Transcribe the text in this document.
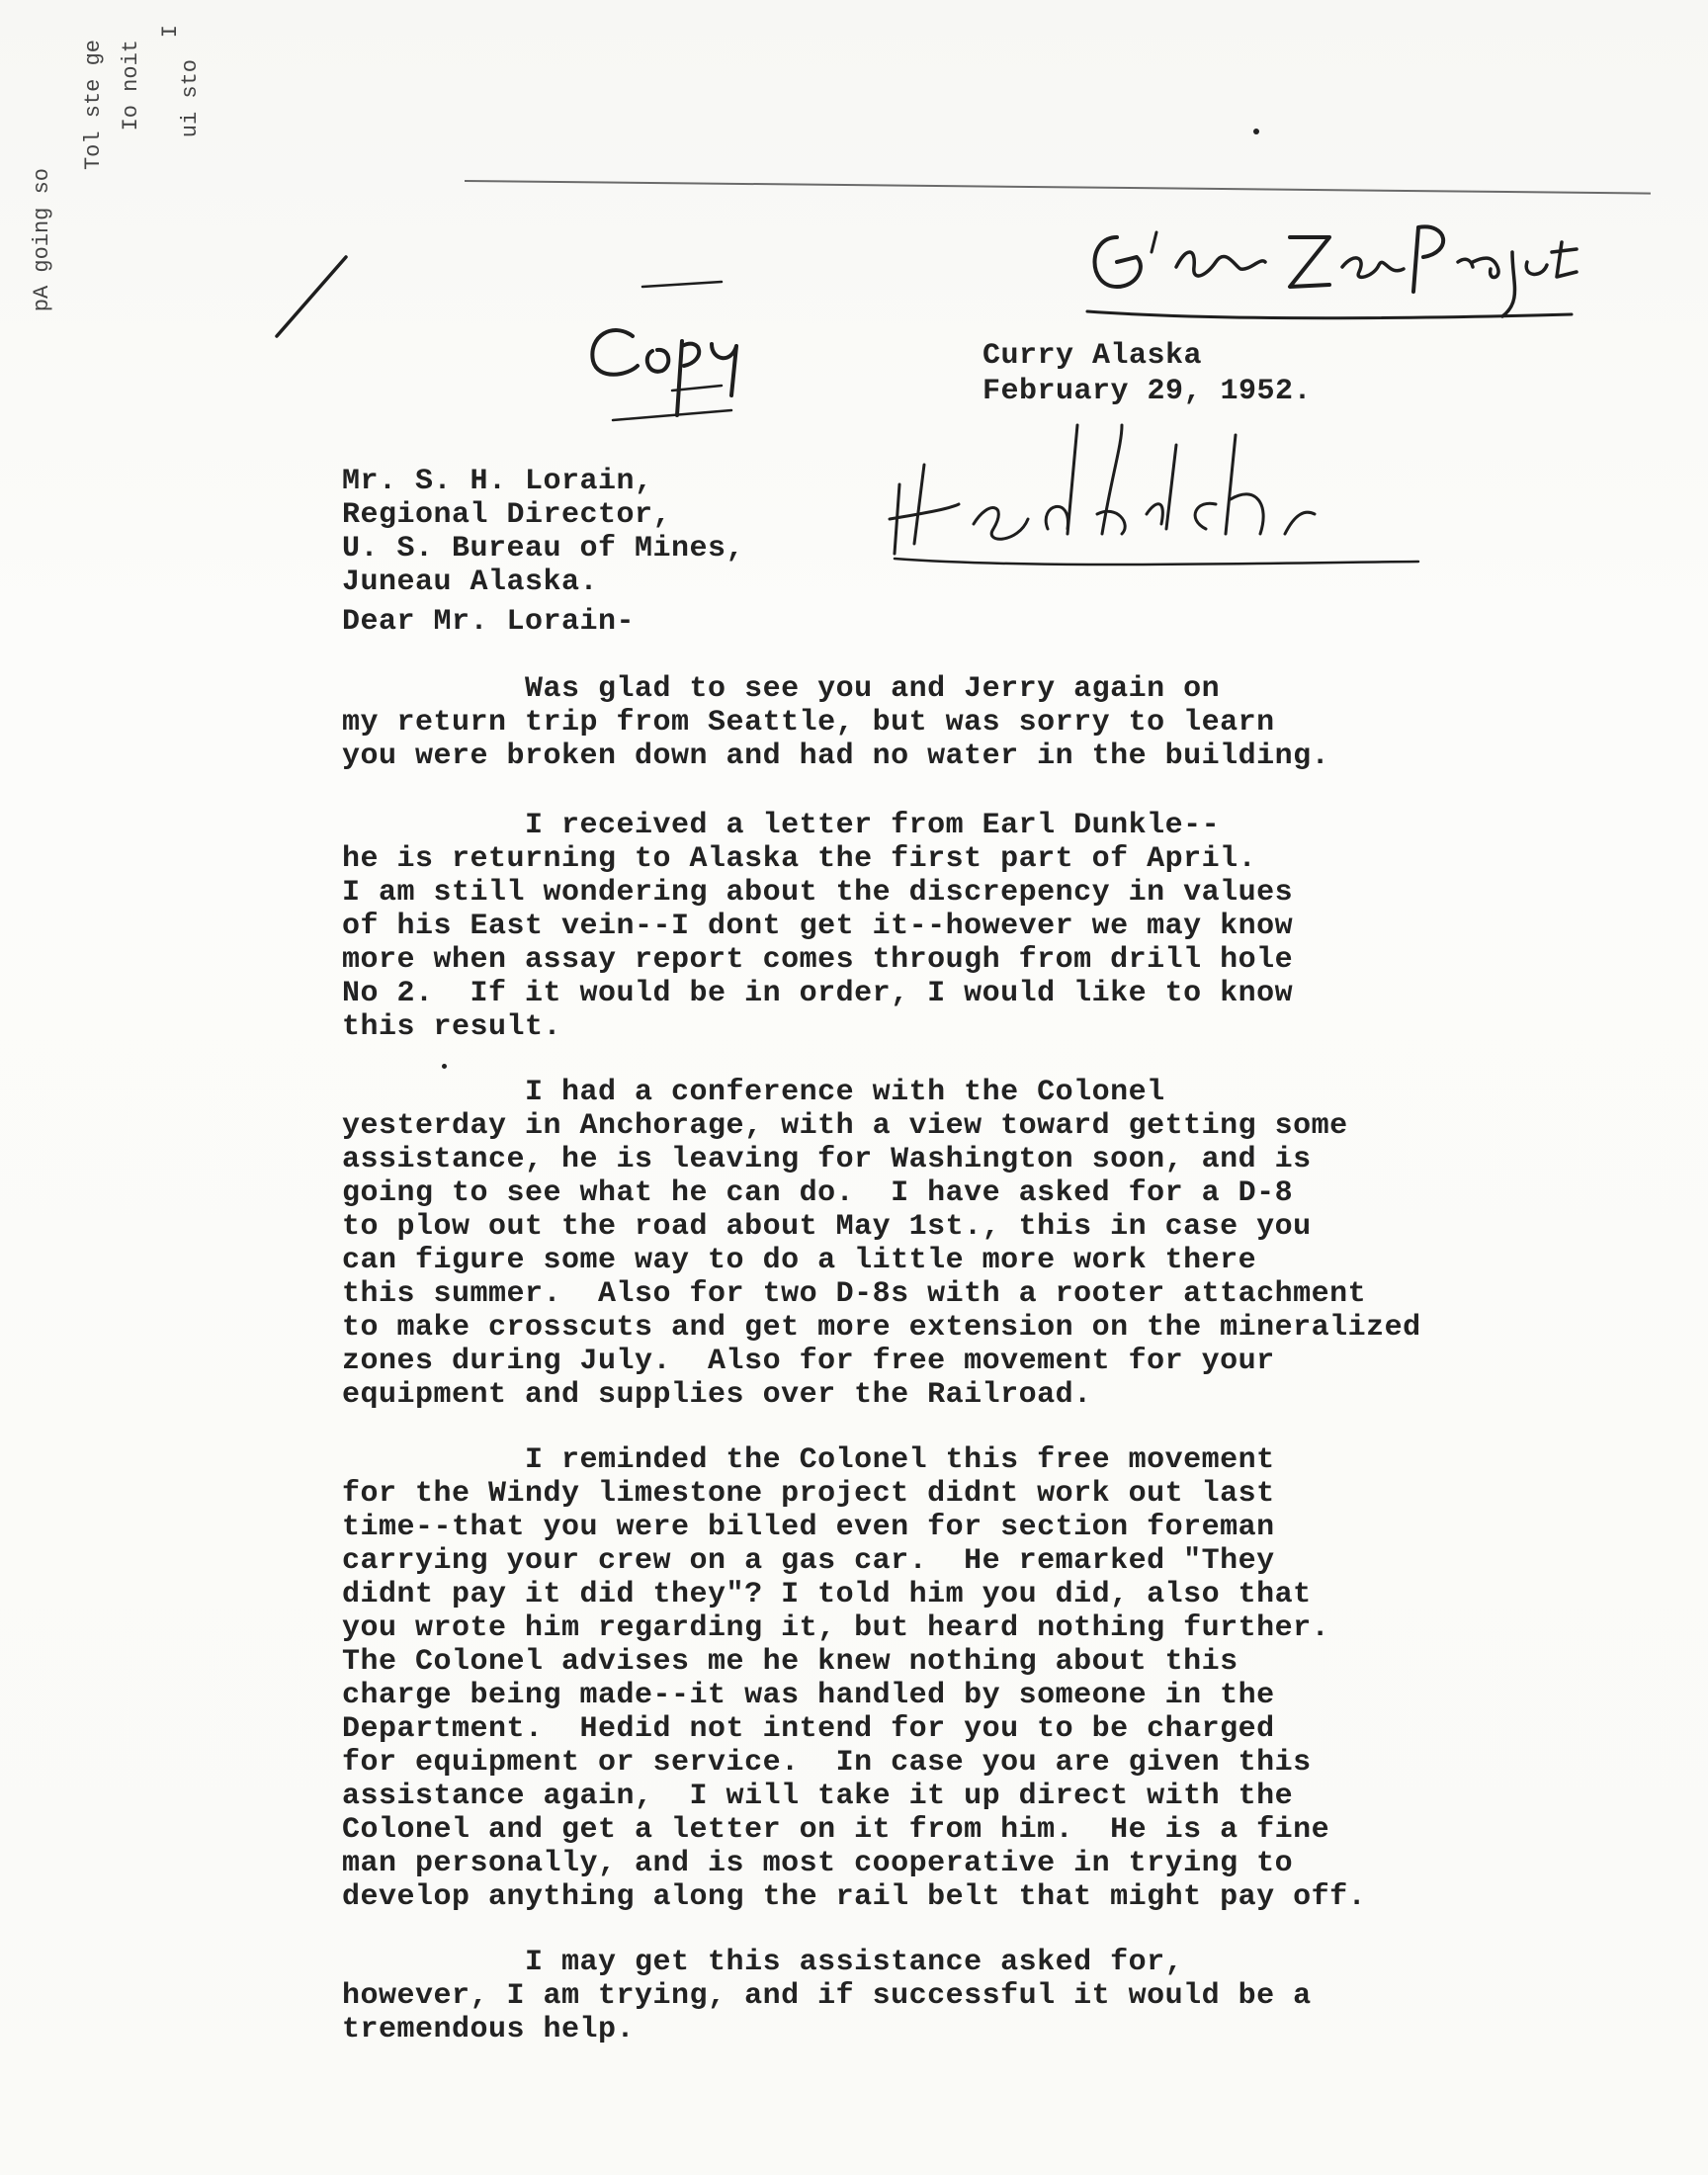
pA going so
Tol ste ge Io noit
I
ui sto
Curry Alaska
February 29, 1952.
Mr. S. H. Lorain,
Regional Director,
U. S. Bureau of Mines,
Juneau Alaska.
Dear Mr. Lorain-
Was glad to see you and Jerry again on
my return trip from Seattle, but was sorry to learn
you were broken down and had no water in the building.
I received a letter from Earl Dunkle--
he is returning to Alaska the first part of April.
I am still wondering about the discrepency in values
of his East vein--I dont get it--however we may know
more when assay report comes through from drill hole
No 2.  If it would be in order, I would like to know
this result.
I had a conference with the Colonel
yesterday in Anchorage, with a view toward getting some
assistance, he is leaving for Washington soon, and is
going to see what he can do.  I have asked for a D-8
to plow out the road about May 1st., this in case you
can figure some way to do a little more work there
this summer.  Also for two D-8s with a rooter attachment
to make crosscuts and get more extension on the mineralized
zones during July.  Also for free movement for your
equipment and supplies over the Railroad.
I reminded the Colonel this free movement
for the Windy limestone project didnt work out last
time--that you were billed even for section foreman
carrying your crew on a gas car.  He remarked "They
didnt pay it did they"? I told him you did, also that
you wrote him regarding it, but heard nothing further.
The Colonel advises me he knew nothing about this
charge being made--it was handled by someone in the
Department.  Hedid not intend for you to be charged
for equipment or service.  In case you are given this
assistance again,  I will take it up direct with the
Colonel and get a letter on it from him.  He is a fine
man personally, and is most cooperative in trying to
develop anything along the rail belt that might pay off.
I may get this assistance asked for,
however, I am trying, and if successful it would be a
tremendous help.
